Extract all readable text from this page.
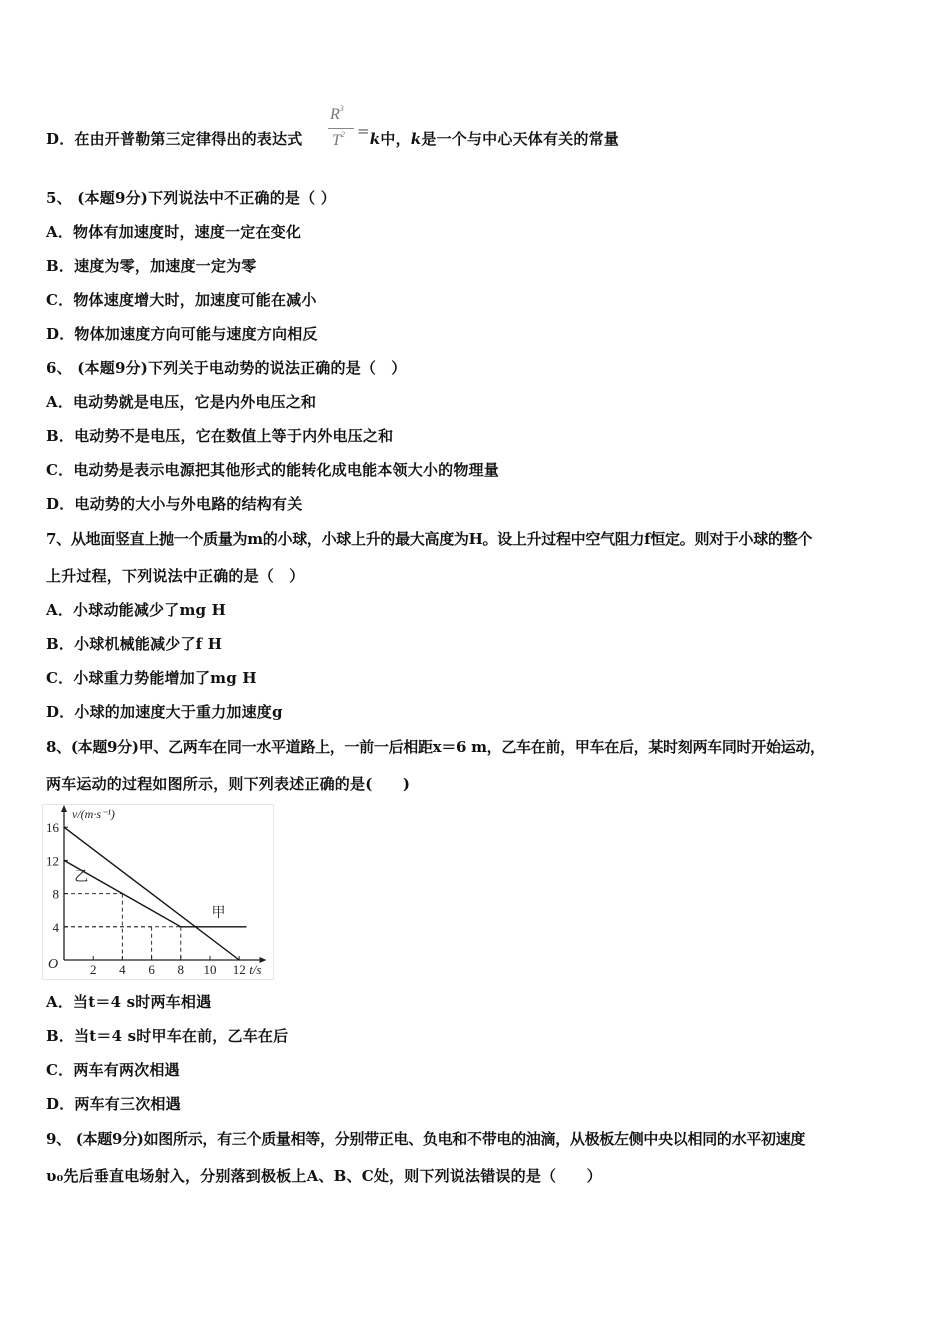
D．在由开普勒第三定律得出的表达式
$R^3$
$T^2 =k$中，k是一个与中心天体有关的常量
5、 (本题9分)下列说法中不正确的是（ ）
A．物体有加速度时，速度一定在变化
B．速度为零，加速度一定为零
C．物体速度增大时，加速度可能在减小
D．物体加速度方向可能与速度方向相反
6、 (本题9分)下列关于电动势的说法正确的是（　）
A．电动势就是电压，它是内外电压之和
B．电动势不是电压，它在数值上等于内外电压之和
C．电动势是表示电源把其他形式的能转化成电能本领大小的物理量
D．电动势的大小与外电路的结构有关
7、从地面竖直上抛一个质量为m的小球，小球上升的最大高度为H。设上升过程中空气阻力f恒定。则对于小球的整个
上升过程，下列说法中正确的是（　）
A．小球动能减少了mg H
B．小球机械能减少了f H
C．小球重力势能增加了mg H
D．小球的加速度大于重力加速度g
8、(本题9分)甲、乙两车在同一水平道路上，一前一后相距x＝6 m，乙车在前，甲车在后，某时刻两车同时开始运动，
两车运动的过程如图所示，则下列表述正确的是(　　)
2 4 6 8 10 12
4
8
12
16
v/(m·s⁻¹)
t/s
O
乙
甲
A．当t＝4 s时两车相遇
B．当t＝4 s时甲车在前，乙车在后
C．两车有两次相遇
D．两车有三次相遇
9、 (本题9分)如图所示，有三个质量相等，分别带正电、负电和不带电的油滴，从极板左侧中央以相同的水平初速度
υ₀先后垂直电场射入，分别落到极板上A、B、C处，则下列说法错误的是（　　）
